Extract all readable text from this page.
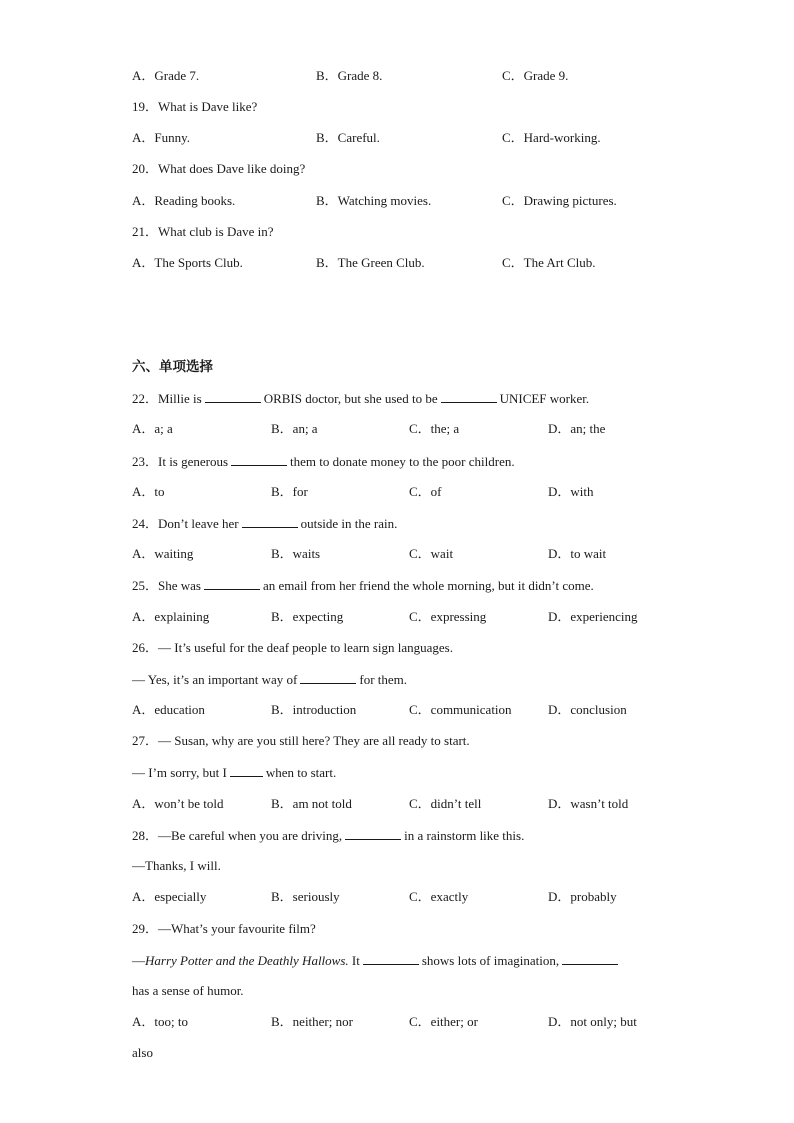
A．Grade 7.	B．Grade 8.	C．Grade 9.
19．What is Dave like?
A．Funny.	B．Careful.	C．Hard-working.
20．What does Dave like doing?
A．Reading books.	B．Watching movies.	C．Drawing pictures.
21．What club is Dave in?
A．The Sports Club.	B．The Green Club.	C．The Art Club.
六、单项选择
22．Millie is	ORBIS doctor, but she used to be	UNICEF worker.
A．a; a	B．an; a	C．the; a	D．an; the
23．It is generous	them to donate money to the poor children.
A．to	B．for	C．of	D．with
24．Don’t leave her	outside in the rain.
A．waiting	B．waits	C．wait	D．to wait
25．She was	an email from her friend the whole morning, but it didn’t come.
A．explaining	B．expecting	C．expressing	D．experiencing
26．— It’s useful for the deaf people to learn sign languages.
— Yes, it’s an important way of	for them.
A．education	B．introduction	C．communication	D．conclusion
27．— Susan, why are you still here? They are all ready to start.
— I’m sorry, but I	when to start.
A．won’t be told	B．am not told	C．didn’t tell	D．wasn’t told
28．—Be careful when you are driving,	in a rainstorm like this.
—Thanks, I will.
A．especially	B．seriously	C．exactly	D．probably
29．—What’s your favourite film?
—Harry Potter and the Deathly Hallows. It	shows lots of imagination,
has a sense of humor.
A．too; to	B．neither; nor	C．either; or	D．not only; but
also
